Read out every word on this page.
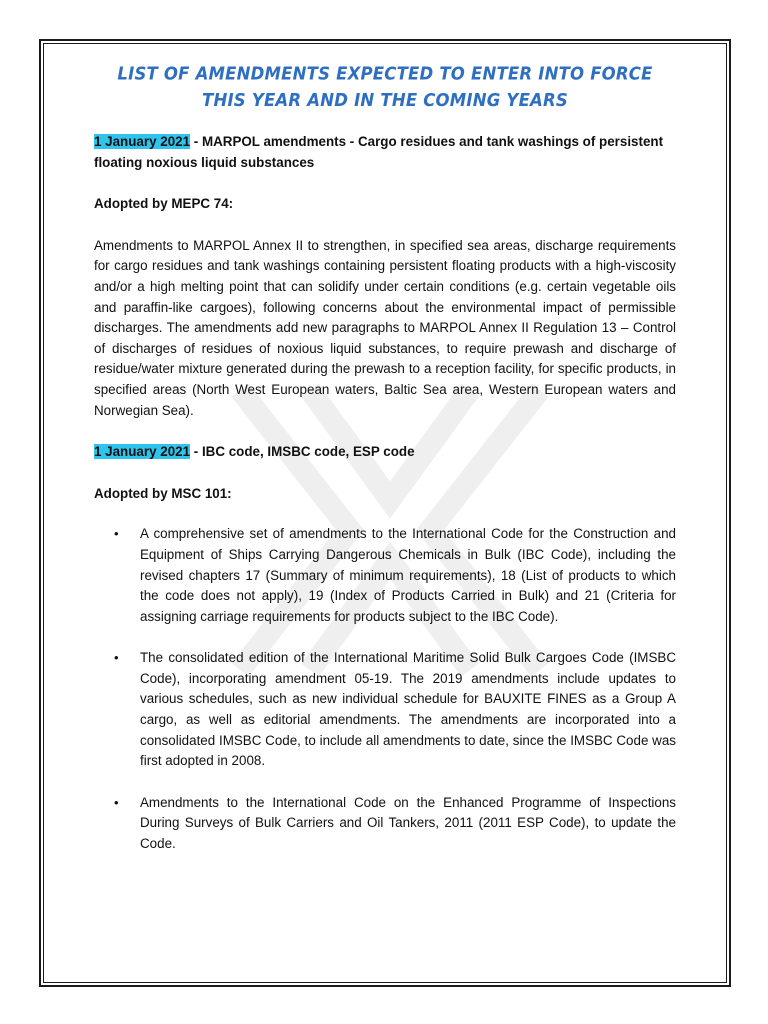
LIST OF AMENDMENTS EXPECTED TO ENTER INTO FORCE THIS YEAR AND IN THE COMING YEARS

1 January 2021 - MARPOL amendments - Cargo residues and tank washings of persistent floating noxious liquid substances

Adopted by MEPC 74:

Amendments to MARPOL Annex II to strengthen, in specified sea areas, discharge requirements for cargo residues and tank washings containing persistent floating products with a high-viscosity and/or a high melting point that can solidify under certain conditions (e.g. certain vegetable oils and paraffin-like cargoes), following concerns about the environmental impact of permissible discharges. The amendments add new paragraphs to MARPOL Annex II Regulation 13 – Control of discharges of residues of noxious liquid substances, to require prewash and discharge of residue/water mixture generated during the prewash to a reception facility, for specific products, in specified areas (North West European waters, Baltic Sea area, Western European waters and Norwegian Sea).

1 January 2021 - IBC code, IMSBC code, ESP code

Adopted by MSC 101:

• A comprehensive set of amendments to the International Code for the Construction and Equipment of Ships Carrying Dangerous Chemicals in Bulk (IBC Code), including the revised chapters 17 (Summary of minimum requirements), 18 (List of products to which the code does not apply), 19 (Index of Products Carried in Bulk) and 21 (Criteria for assigning carriage requirements for products subject to the IBC Code).
• The consolidated edition of the International Maritime Solid Bulk Cargoes Code (IMSBC Code), incorporating amendment 05-19. The 2019 amendments include updates to various schedules, such as new individual schedule for BAUXITE FINES as a Group A cargo, as well as editorial amendments. The amendments are incorporated into a consolidated IMSBC Code, to include all amendments to date, since the IMSBC Code was first adopted in 2008.
• Amendments to the International Code on the Enhanced Programme of Inspections During Surveys of Bulk Carriers and Oil Tankers, 2011 (2011 ESP Code), to update the Code.
